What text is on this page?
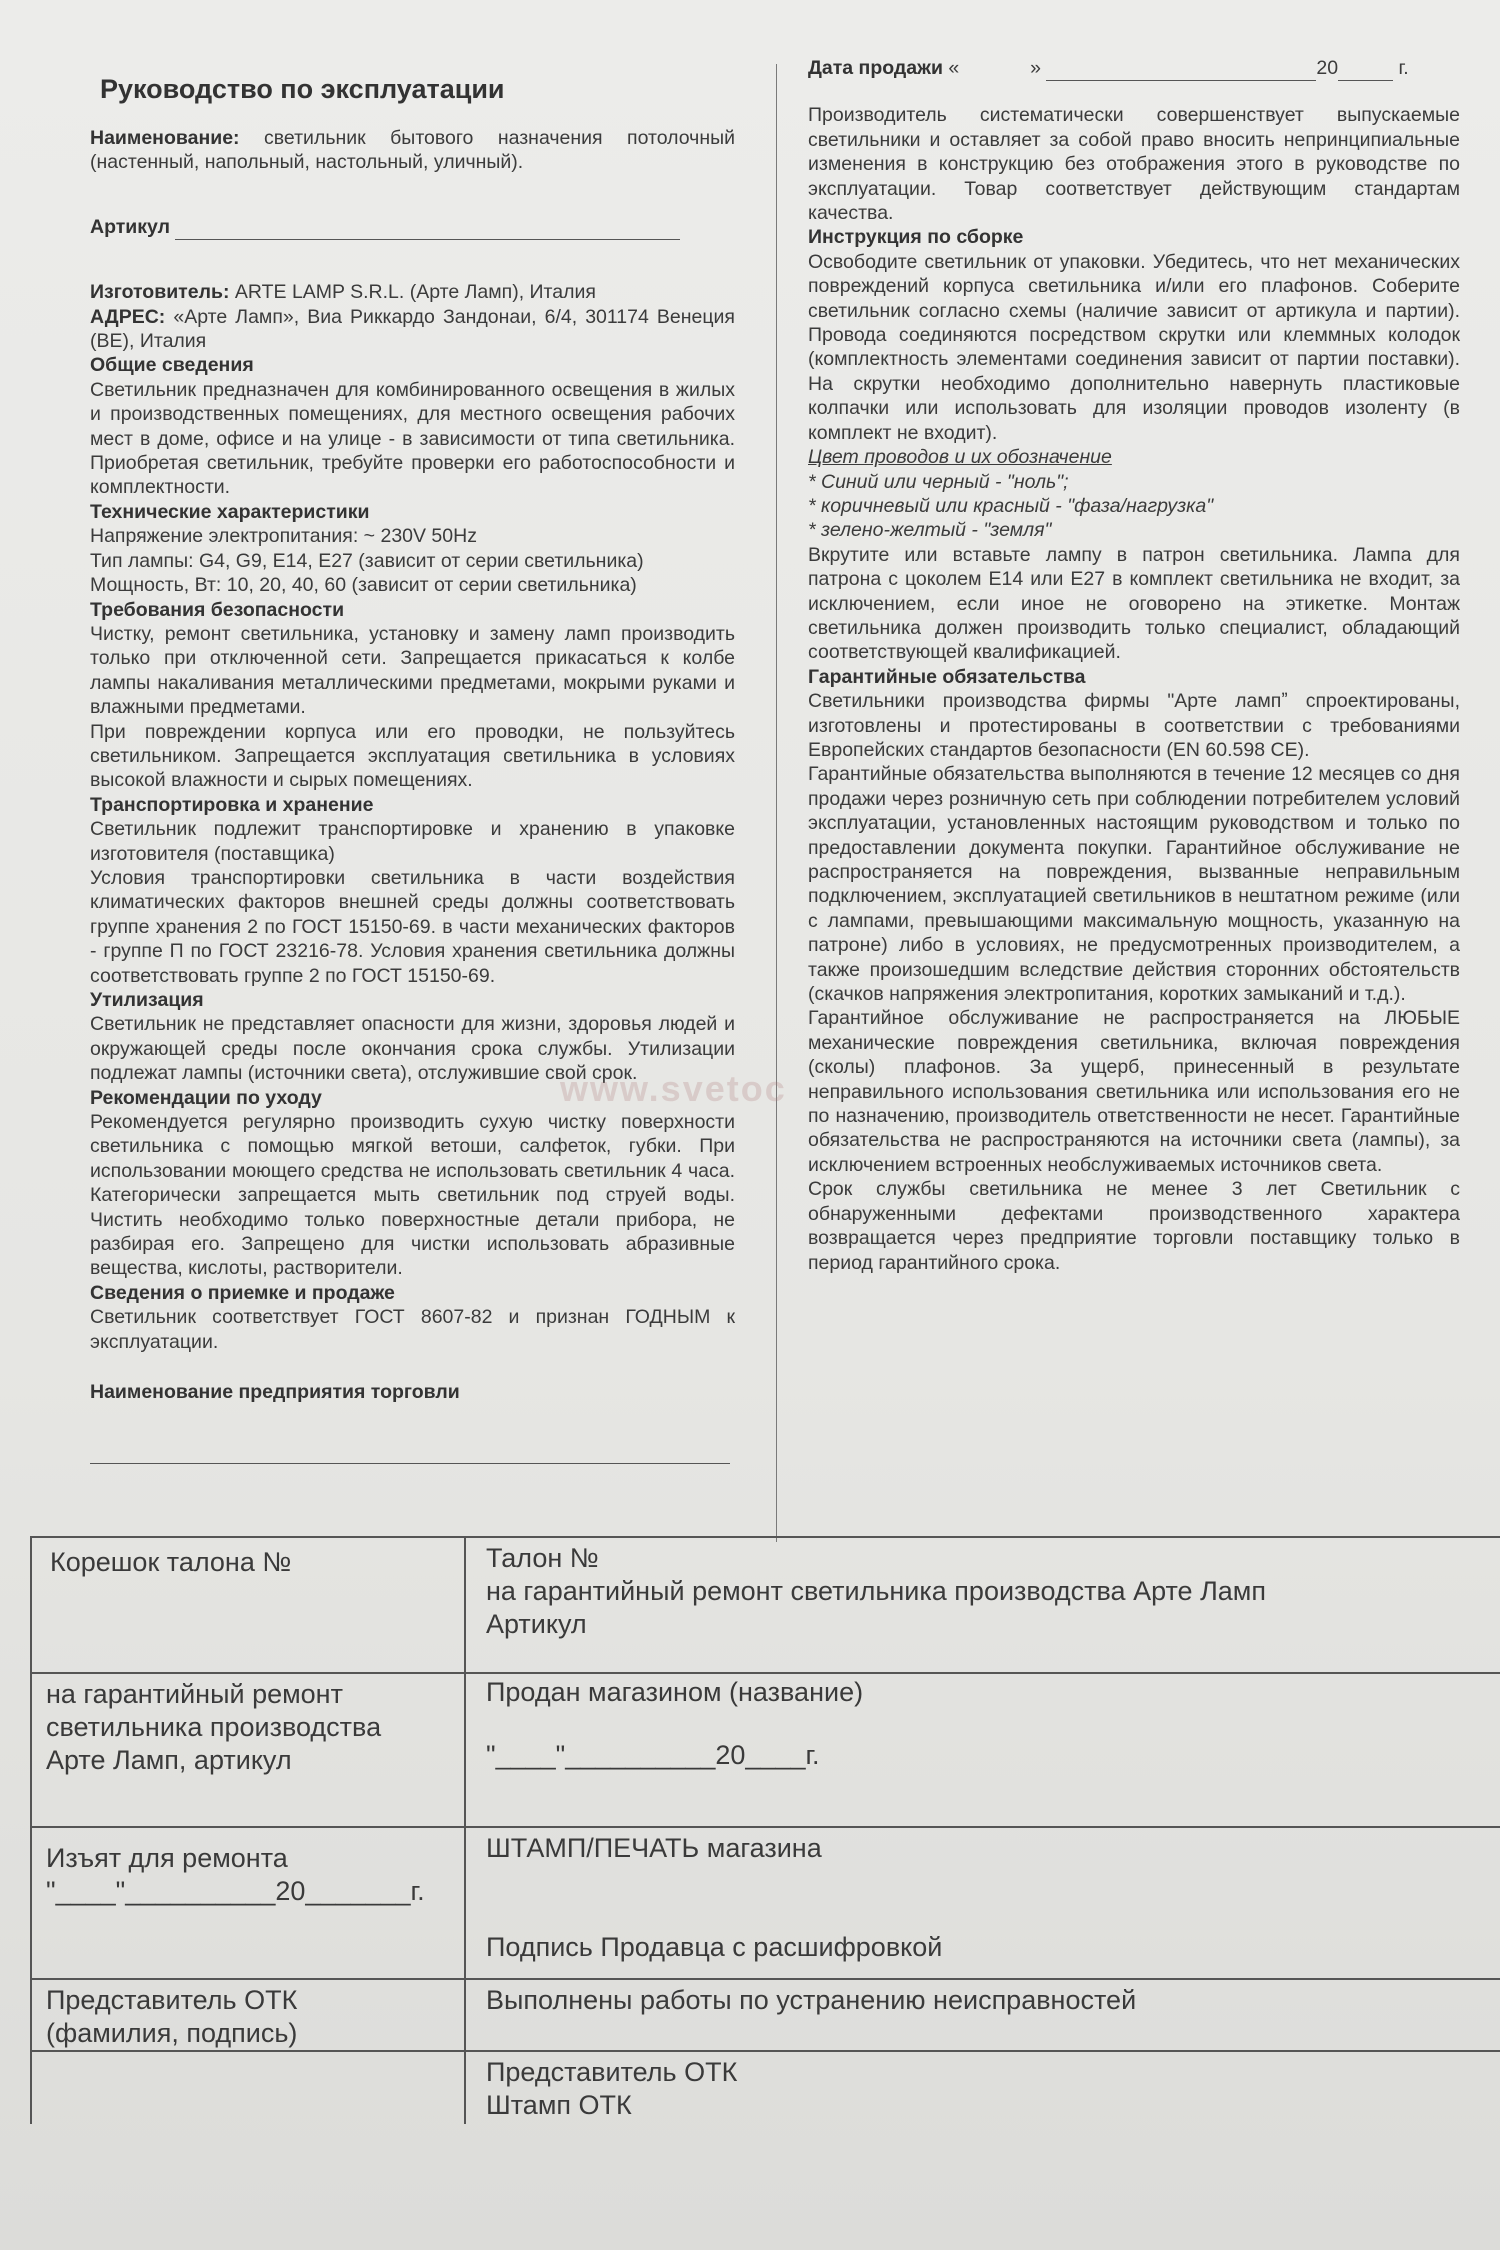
Руководство по эксплуатации

Наименование: светильник бытового назначения потолочный (настенный, напольный, настольный, уличный).

Артикул

Изготовитель: ARTE LAMP S.R.L. (Арте Ламп), Италия

АДРЕС: «Арте Ламп», Виа Риккардо Зандонаи, 6/4, 301174 Венеция (ВЕ), Италия

Общие сведения

Светильник предназначен для комбинированного освещения в жилых и производственных помещениях, для местного освещения рабочих мест в доме, офисе и на улице - в зависимости от типа светильника. Приобретая светильник, требуйте проверки его работоспособности и комплектности.

Технические характеристики

Напряжение электропитания: ~ 230V 50Hz

Тип лампы: G4, G9, E14, E27 (зависит от серии светильника)

Мощность, Вт: 10, 20, 40, 60 (зависит от серии светильника)

Требования безопасности

Чистку, ремонт светильника, установку и замену ламп производить только при отключенной сети. Запрещается прикасаться к колбе лампы накаливания металлическими предметами, мокрыми руками и влажными предметами.

При повреждении корпуса или его проводки, не пользуйтесь светильником. Запрещается эксплуатация светильника в условиях высокой влажности и сырых помещениях.

Транспортировка и хранение

Светильник подлежит транспортировке и хранению в упаковке изготовителя (поставщика)

Условия транспортировки светильника в части воздействия климатических факторов внешней среды должны соответствовать группе хранения 2 по ГОСТ 15150-69. в части механических факторов - группе П по ГОСТ 23216-78. Условия хранения светильника должны соответствовать группе 2 по ГОСТ 15150-69.

Утилизация

Светильник не представляет опасности для жизни, здоровья людей и окружающей среды после окончания срока службы. Утилизации подлежат лампы (источники света), отслужившие свой срок.

Рекомендации по уходу

Рекомендуется регулярно производить сухую чистку поверхности светильника с помощью мягкой ветоши, салфеток, губки. При использовании моющего средства не использовать светильник 4 часа. Категорически запрещается мыть светильник под струей воды. Чистить необходимо только поверхностные детали прибора, не разбирая его. Запрещено для чистки использовать абразивные вещества, кислоты, растворители.

Сведения о приемке и продаже

Светильник соответствует ГОСТ 8607-82 и признан ГОДНЫМ к эксплуатации.

Наименование предприятия торговли

Дата продажи «	»	20	г.

Производитель систематически совершенствует выпускаемые светильники и оставляет за собой право вносить непринципиальные изменения в конструкцию без отображения этого в руководстве по эксплуатации. Товар соответствует действующим стандартам качества.

Инструкция по сборке

Освободите светильник от упаковки. Убедитесь, что нет механических повреждений корпуса светильника и/или его плафонов. Соберите светильник согласно схемы (наличие зависит от артикула и партии). Провода соединяются посредством скрутки или клеммных колодок (комплектность элементами соединения зависит от партии поставки). На скрутки необходимо дополнительно навернуть пластиковые колпачки или использовать для изоляции проводов изоленту (в комплект не входит).

Цвет проводов и их обозначение

* Синий или черный - "ноль";

* коричневый или красный - "фаза/нагрузка"

* зелено-желтый - "земля"

Вкрутите или вставьте лампу в патрон светильника. Лампа для патрона с цоколем E14 или E27 в комплект светильника не входит, за исключением, если иное не оговорено на этикетке. Монтаж светильника должен производить только специалист, обладающий соответствующей квалификацией.

Гарантийные обязательства

Светильники производства фирмы "Арте лампˮ спроектированы, изготовлены и протестированы в соответствии с требованиями Европейских стандартов безопасности (EN 60.598 CE).

Гарантийные обязательства выполняются в течение 12 месяцев со дня продажи через розничную сеть при соблюдении потребителем условий эксплуатации, установленных настоящим руководством и только по предоставлении документа покупки. Гарантийное обслуживание не распространяется на повреждения, вызванные неправильным подключением, эксплуатацией светильников в нештатном режиме (или с лампами, превышающими максимальную мощность, указанную на патроне) либо в условиях, не предусмотренных производителем, а также произошедшим вследствие действия сторонних обстоятельств (скачков напряжения электропитания, коротких замыканий и т.д.).

Гарантийное обслуживание не распространяется на ЛЮБЫЕ механические повреждения светильника, включая повреждения (сколы) плафонов. За ущерб, принесенный в результате неправильного использования светильника или использования его не по назначению, производитель ответственности не несет. Гарантийные обязательства не распространяются на источники света (лампы), за исключением встроенных необслуживаемых источников света.

Срок службы светильника не менее 3 лет Светильник с обнаруженными дефектами производственного характера возвращается через предприятие торговли поставщику только в период гарантийного срока.

www.svetoc
Корешок талона №	Талон №
на гарантийный ремонт светильника производства Арте Ламп
Артикул
на гарантийный ремонт
светильника производства
Арте Ламп, артикул
Продан магазином (название)
"____"__________20____г.
Изъят для ремонта
"____"__________20_______г.
ШТАМП/ПЕЧАТЬ магазина
Подпись Продавца с расшифровкой
Представитель ОТК
(фамилия, подпись)
Выполнены работы по устранению неисправностей
Представитель ОТК
Штамп ОТК
